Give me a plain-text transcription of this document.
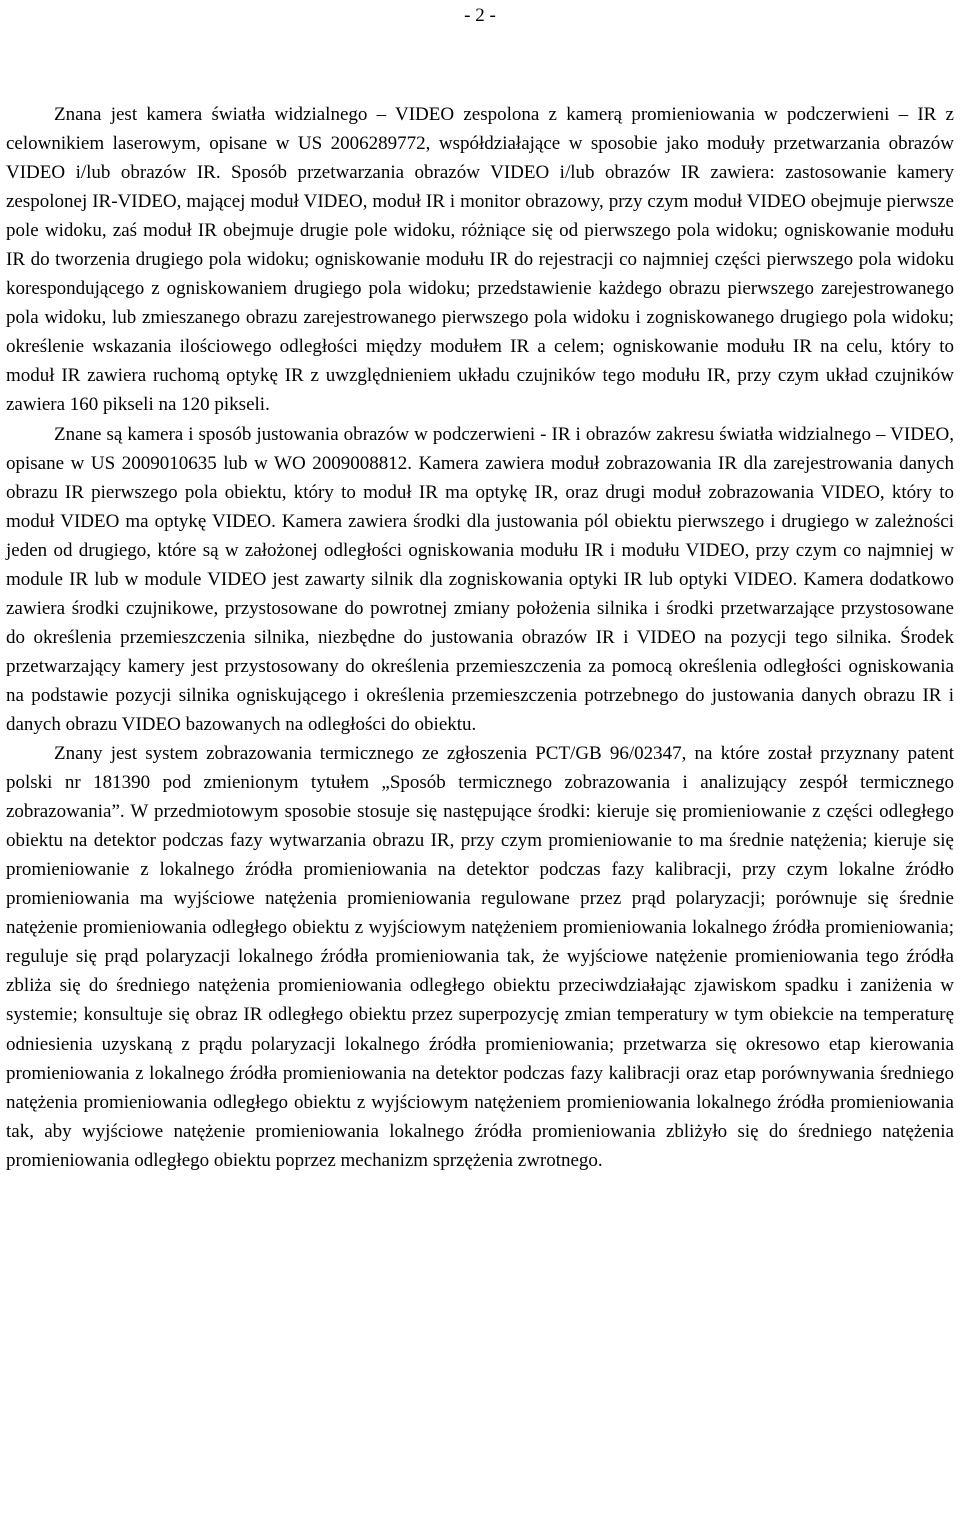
- 2 -

Znana jest kamera światła widzialnego – VIDEO zespolona z kamerą promieniowania w podczerwieni – IR z celownikiem laserowym, opisane w US 2006289772, współdziałające w sposobie jako moduły przetwarzania obrazów VIDEO i/lub obrazów IR. Sposób przetwarzania obrazów VIDEO i/lub obrazów IR zawiera: zastosowanie kamery zespolonej IR-VIDEO, mającej moduł VIDEO, moduł IR i monitor obrazowy, przy czym moduł VIDEO obejmuje pierwsze pole widoku, zaś moduł IR obejmuje drugie pole widoku, różniące się od pierwszego pola widoku; ogniskowanie modułu IR do tworzenia drugiego pola widoku; ogniskowanie modułu IR do rejestracji co najmniej części pierwszego pola widoku korespondującego z ogniskowaniem drugiego pola widoku; przedstawienie każdego obrazu pierwszego zarejestrowanego pola widoku, lub zmieszanego obrazu zarejestrowanego pierwszego pola widoku i zogniskowanego drugiego pola widoku; określenie wskazania ilościowego odległości między modułem IR a celem; ogniskowanie modułu IR na celu, który to moduł IR zawiera ruchomą optykę IR z uwzględnieniem układu czujników tego modułu IR, przy czym układ czujników zawiera 160 pikseli na 120 pikseli.

Znane są kamera i sposób justowania obrazów w podczerwieni - IR i obrazów zakresu światła widzialnego – VIDEO, opisane w US 2009010635 lub w WO 2009008812. Kamera zawiera moduł zobrazowania IR dla zarejestrowania danych obrazu IR pierwszego pola obiektu, który to moduł IR ma optykę IR, oraz drugi moduł zobrazowania VIDEO, który to moduł VIDEO ma optykę VIDEO. Kamera zawiera środki dla justowania pól obiektu pierwszego i drugiego w zależności jeden od drugiego, które są w założonej odległości ogniskowania modułu IR i modułu VIDEO, przy czym co najmniej w module IR lub w module VIDEO jest zawarty silnik dla zogniskowania optyki IR lub optyki VIDEO. Kamera dodatkowo zawiera środki czujnikowe, przystosowane do powrotnej zmiany położenia silnika i środki przetwarzające przystosowane do określenia przemieszczenia silnika, niezbędne do justowania obrazów IR i VIDEO na pozycji tego silnika. Środek przetwarzający kamery jest przystosowany do określenia przemieszczenia za pomocą określenia odległości ogniskowania na podstawie pozycji silnika ogniskującego i określenia przemieszczenia potrzebnego do justowania danych obrazu IR i danych obrazu VIDEO bazowanych na odległości do obiektu.

Znany jest system zobrazowania termicznego ze zgłoszenia PCT/GB 96/02347, na które został przyznany patent polski nr 181390 pod zmienionym tytułem „Sposób termicznego zobrazowania i analizujący zespół termicznego zobrazowania”. W przedmiotowym sposobie stosuje się następujące środki: kieruje się promieniowanie z części odległego obiektu na detektor podczas fazy wytwarzania obrazu IR, przy czym promieniowanie to ma średnie natężenia; kieruje się promieniowanie z lokalnego źródła promieniowania na detektor podczas fazy kalibracji, przy czym lokalne źródło promieniowania ma wyjściowe natężenia promieniowania regulowane przez prąd polaryzacji; porównuje się średnie natężenie promieniowania odległego obiektu z wyjściowym natężeniem promieniowania lokalnego źródła promieniowania; reguluje się prąd polaryzacji lokalnego źródła promieniowania tak, że wyjściowe natężenie promieniowania tego źródła zbliża się do średniego natężenia promieniowania odległego obiektu przeciwdziałając zjawiskom spadku i zaniżenia w systemie; konsultuje się obraz IR odległego obiektu przez superpozycję zmian temperatury w tym obiekcie na temperaturę odniesienia uzyskaną z prądu polaryzacji lokalnego źródła promieniowania; przetwarza się okresowo etap kierowania promieniowania z lokalnego źródła promieniowania na detektor podczas fazy kalibracji oraz etap porównywania średniego natężenia promieniowania odległego obiektu z wyjściowym natężeniem promieniowania lokalnego źródła promieniowania tak, aby wyjściowe natężenie promieniowania lokalnego źródła promieniowania zbliżyło się do średniego natężenia promieniowania odległego obiektu poprzez mechanizm sprzężenia zwrotnego.
